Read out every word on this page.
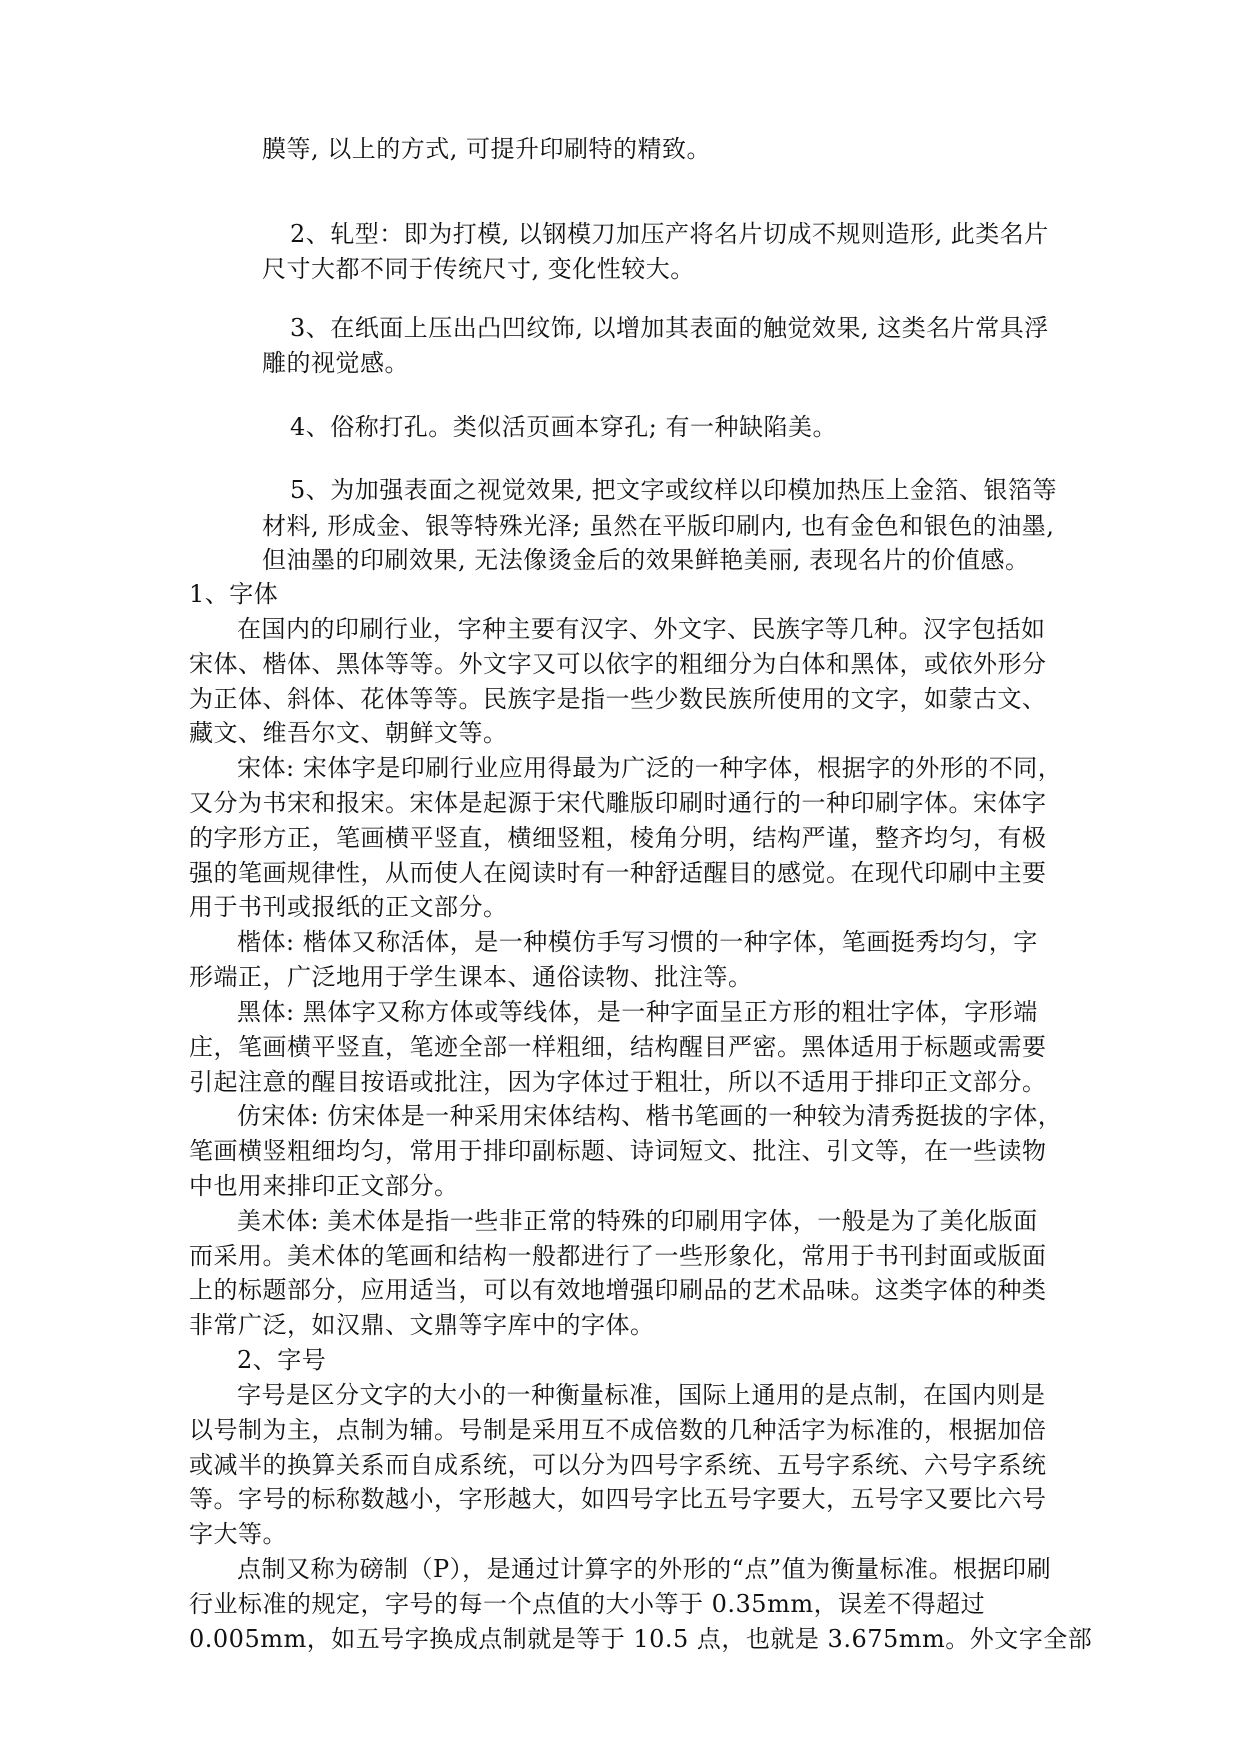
膜等, 以上的方式, 可提升印刷特的精致。
2、轧型：即为打模, 以钢模刀加压产将名片切成不规则造形, 此类名片
尺寸大都不同于传统尺寸, 变化性较大。
3、在纸面上压出凸凹纹饰, 以增加其表面的触觉效果, 这类名片常具浮
雕的视觉感。
4、俗称打孔。类似活页画本穿孔; 有一种缺陷美。
5、为加强表面之视觉效果, 把文字或纹样以印模加热压上金箔、银箔等
材料, 形成金、银等特殊光泽; 虽然在平版印刷内, 也有金色和银色的油墨,
但油墨的印刷效果, 无法像烫金后的效果鲜艳美丽, 表现名片的价值感。
1、字体
在国内的印刷行业，字种主要有汉字、外文字、民族字等几种。汉字包括如
宋体、楷体、黑体等等。外文字又可以依字的粗细分为白体和黑体，或依外形分
为正体、斜体、花体等等。民族字是指一些少数民族所使用的文字，如蒙古文、
藏文、维吾尔文、朝鲜文等。
宋体: 宋体字是印刷行业应用得最为广泛的一种字体，根据字的外形的不同，
又分为书宋和报宋。宋体是起源于宋代雕版印刷时通行的一种印刷字体。宋体字
的字形方正，笔画横平竖直，横细竖粗，棱角分明，结构严谨，整齐均匀，有极
强的笔画规律性，从而使人在阅读时有一种舒适醒目的感觉。在现代印刷中主要
用于书刊或报纸的正文部分。
楷体: 楷体又称活体，是一种模仿手写习惯的一种字体，笔画挺秀均匀，字
形端正，广泛地用于学生课本、通俗读物、批注等。
黑体: 黑体字又称方体或等线体，是一种字面呈正方形的粗壮字体，字形端
庄，笔画横平竖直，笔迹全部一样粗细，结构醒目严密。黑体适用于标题或需要
引起注意的醒目按语或批注，因为字体过于粗壮，所以不适用于排印正文部分。
仿宋体: 仿宋体是一种采用宋体结构、楷书笔画的一种较为清秀挺拔的字体，
笔画横竖粗细均匀，常用于排印副标题、诗词短文、批注、引文等，在一些读物
中也用来排印正文部分。
美术体: 美术体是指一些非正常的特殊的印刷用字体，一般是为了美化版面
而采用。美术体的笔画和结构一般都进行了一些形象化，常用于书刊封面或版面
上的标题部分，应用适当，可以有效地增强印刷品的艺术品味。这类字体的种类
非常广泛，如汉鼎、文鼎等字库中的字体。
2、字号
字号是区分文字的大小的一种衡量标准，国际上通用的是点制，在国内则是
以号制为主，点制为辅。号制是采用互不成倍数的几种活字为标准的，根据加倍
或减半的换算关系而自成系统，可以分为四号字系统、五号字系统、六号字系统
等。字号的标称数越小，字形越大，如四号字比五号字要大，五号字又要比六号
字大等。
点制又称为磅制（P），是通过计算字的外形的“点”值为衡量标准。根据印刷
行业标准的规定，字号的每一个点值的大小等于 0.35mm，误差不得超过
0.005mm，如五号字换成点制就是等于 10.5 点，也就是 3.675mm。外文字全部
